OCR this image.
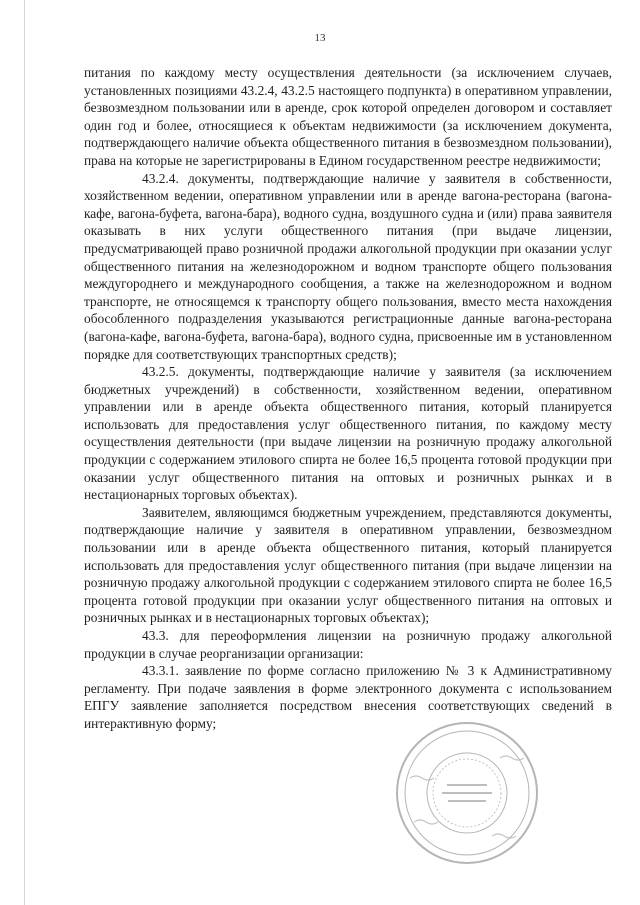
13

питания по каждому месту осуществления деятельности (за исключением случаев, установленных позициями 43.2.4, 43.2.5 настоящего подпункта) в оперативном управлении, безвозмездном пользовании или в аренде, срок которой определен договором и составляет один год и более, относящиеся к объектам недвижимости (за исключением документа, подтверждающего наличие объекта общественного питания в безвозмездном пользовании), права на которые не зарегистрированы в Едином государственном реестре недвижимости;

43.2.4. документы, подтверждающие наличие у заявителя в собственности, хозяйственном ведении, оперативном управлении или в аренде вагона-ресторана (вагона-кафе, вагона-буфета, вагона-бара), водного судна, воздушного судна и (или) права заявителя оказывать в них услуги общественного питания (при выдаче лицензии, предусматривающей право розничной продажи алкогольной продукции при оказании услуг общественного питания на железнодорожном и водном транспорте общего пользования междугороднего и международного сообщения, а также на железнодорожном и водном транспорте, не относящемся к транспорту общего пользования, вместо места нахождения обособленного подразделения указываются регистрационные данные вагона-ресторана (вагона-кафе, вагона-буфета, вагона-бара), водного судна, присвоенные им в установленном порядке для соответствующих транспортных средств);

43.2.5. документы, подтверждающие наличие у заявителя (за исключением бюджетных учреждений) в собственности, хозяйственном ведении, оперативном управлении или в аренде объекта общественного питания, который планируется использовать для предоставления услуг общественного питания, по каждому месту осуществления деятельности (при выдаче лицензии на розничную продажу алкогольной продукции с содержанием этилового спирта не более 16,5 процента готовой продукции при оказании услуг общественного питания на оптовых и розничных рынках и в нестационарных торговых объектах).

Заявителем, являющимся бюджетным учреждением, представляются документы, подтверждающие наличие у заявителя в оперативном управлении, безвозмездном пользовании или в аренде объекта общественного питания, который планируется использовать для предоставления услуг общественного питания (при выдаче лицензии на розничную продажу алкогольной продукции с содержанием этилового спирта не более 16,5 процента готовой продукции при оказании услуг общественного питания на оптовых и розничных рынках и в нестационарных торговых объектах);

43.3. для переоформления лицензии на розничную продажу алкогольной продукции в случае реорганизации организации:

43.3.1. заявление по форме согласно приложению № 3 к Административному регламенту. При подаче заявления в форме электронного документа с использованием ЕПГУ заявление заполняется посредством внесения соответствующих сведений в интерактивную форму;
